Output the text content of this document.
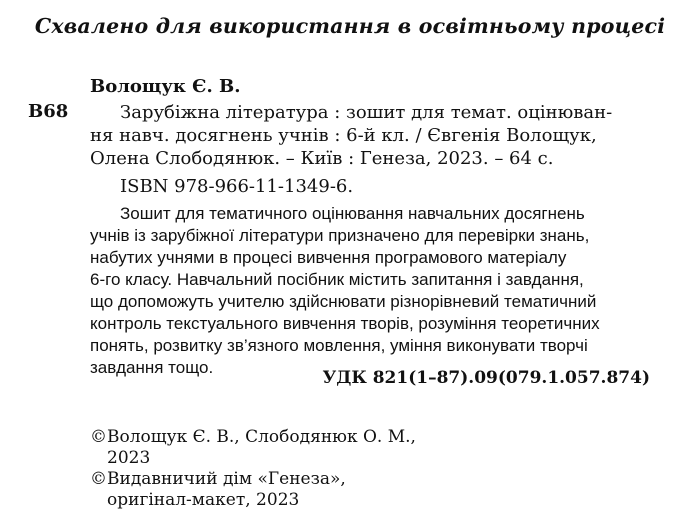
Схвалено для використання в освітньому процесі
Волощук Є. В.
В68	Зарубіжна література : зошит для темат. оцінюван-
ня навч. досягнень учнів : 6-й кл. / Євгенія Волощук,
Олена Слободянюк. – Київ : Генеза, 2023. – 64 с.
ISBN 978-966-11-1349-6.
Зошит для тематичного оцінювання навчальних досягнень
учнів із зарубіжної літератури призначено для перевірки знань,
набутих учнями в процесі вивчення програмового матеріалу
6-го класу. Навчальний посібник містить запитання і завдання,
що допоможуть учителю здійснювати різнорівневий тематичний
контроль текстуального вивчення творів, розуміння теоретичних
понять, розвитку зв’язного мовлення, уміння виконувати творчі
завдання тощо.
УДК 821(1–87).09(079.1.057.874)
©Волощук Є. В., Слободянюк О. М.,
2023
©Видавничий дім «Генеза»,
оригінал-макет, 2023
